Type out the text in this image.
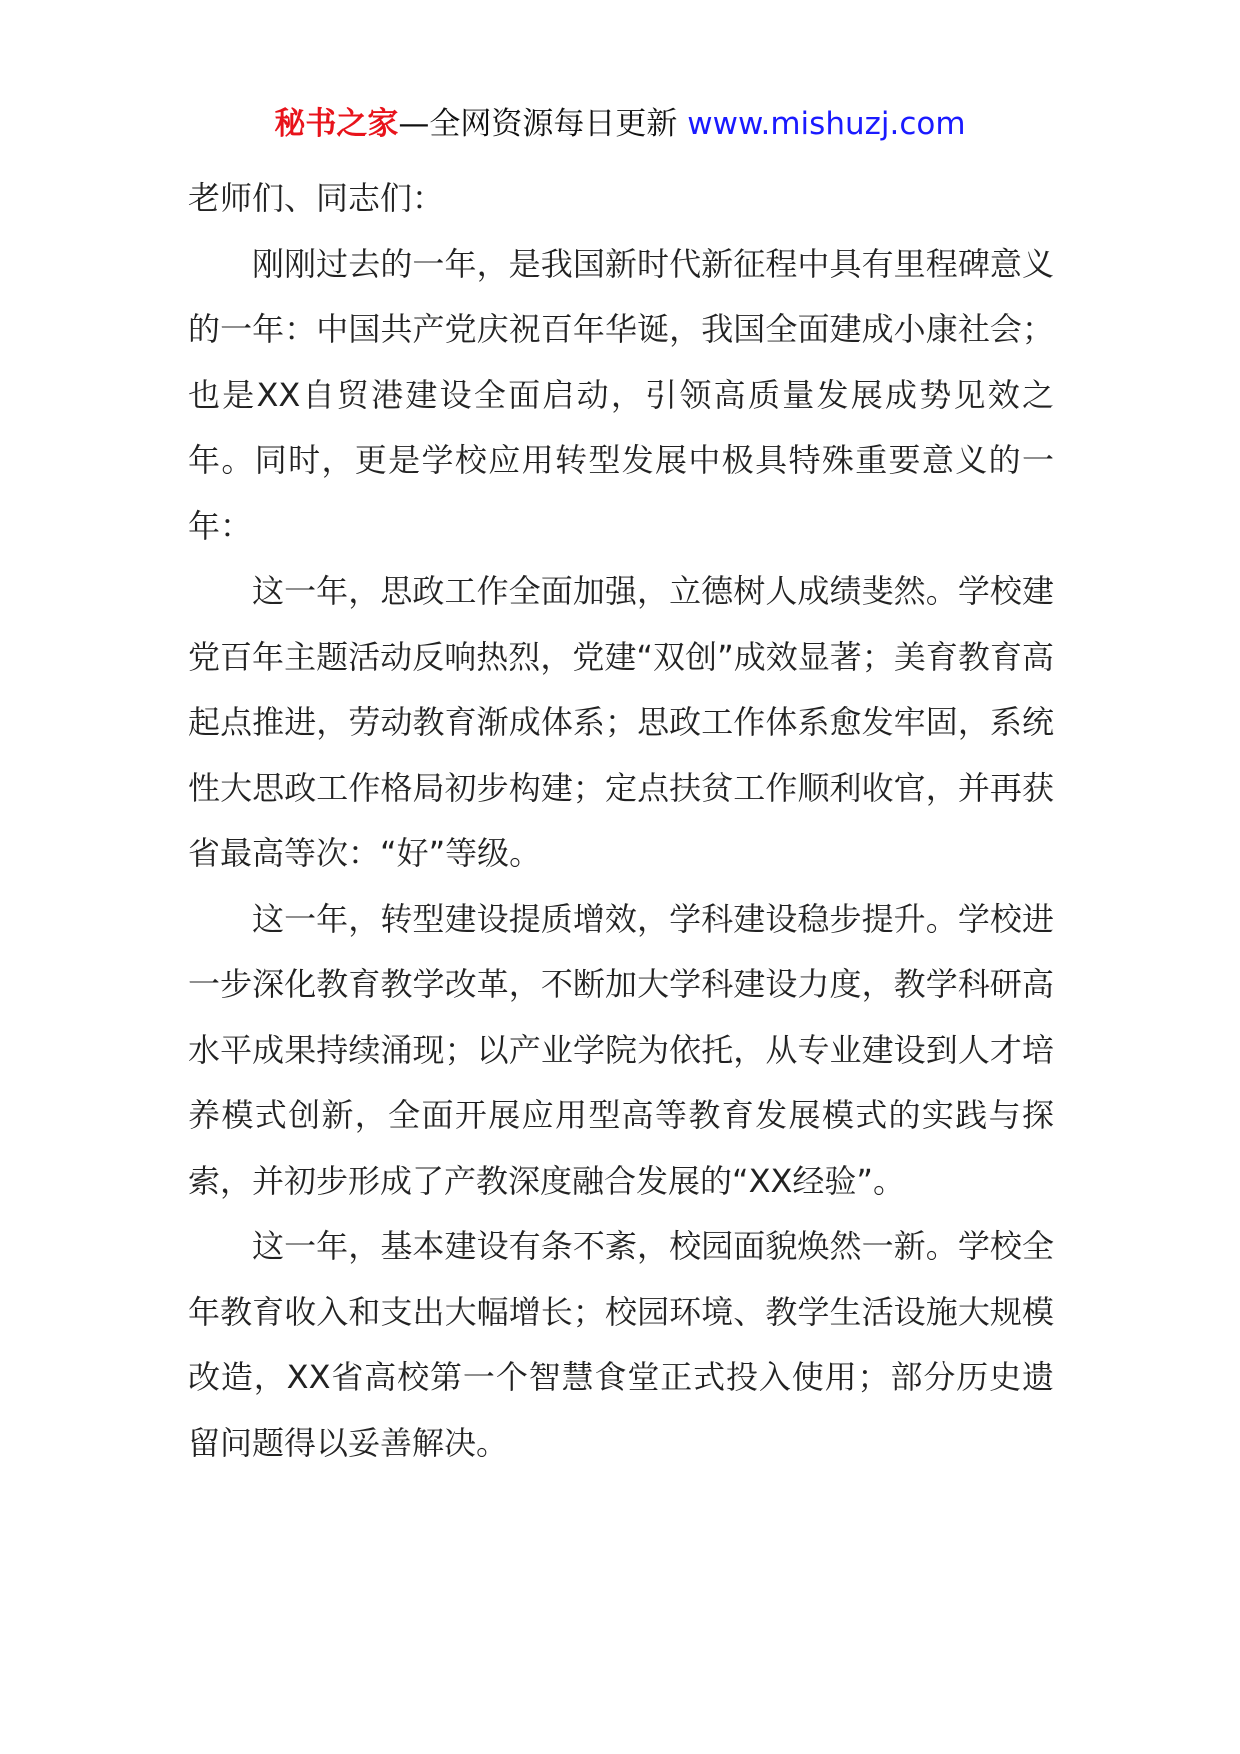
秘书之家—全网资源每日更新 www.mishuzj.com

老师们、同志们：

刚刚过去的一年，是我国新时代新征程中具有里程碑意义的一年：中国共产党庆祝百年华诞，我国全面建成小康社会；也是XX自贸港建设全面启动，引领高质量发展成势见效之年。同时，更是学校应用转型发展中极具特殊重要意义的一年：

这一年，思政工作全面加强，立德树人成绩斐然。学校建党百年主题活动反响热烈，党建“双创”成效显著；美育教育高起点推进，劳动教育渐成体系；思政工作体系愈发牢固，系统性大思政工作格局初步构建；定点扶贫工作顺利收官，并再获省最高等次：“好”等级。

这一年，转型建设提质增效，学科建设稳步提升。学校进一步深化教育教学改革，不断加大学科建设力度，教学科研高水平成果持续涌现；以产业学院为依托，从专业建设到人才培养模式创新，全面开展应用型高等教育发展模式的实践与探索，并初步形成了产教深度融合发展的“XX经验”。

这一年，基本建设有条不紊，校园面貌焕然一新。学校全年教育收入和支出大幅增长；校园环境、教学生活设施大规模改造，XX省高校第一个智慧食堂正式投入使用；部分历史遗留问题得以妥善解决。
